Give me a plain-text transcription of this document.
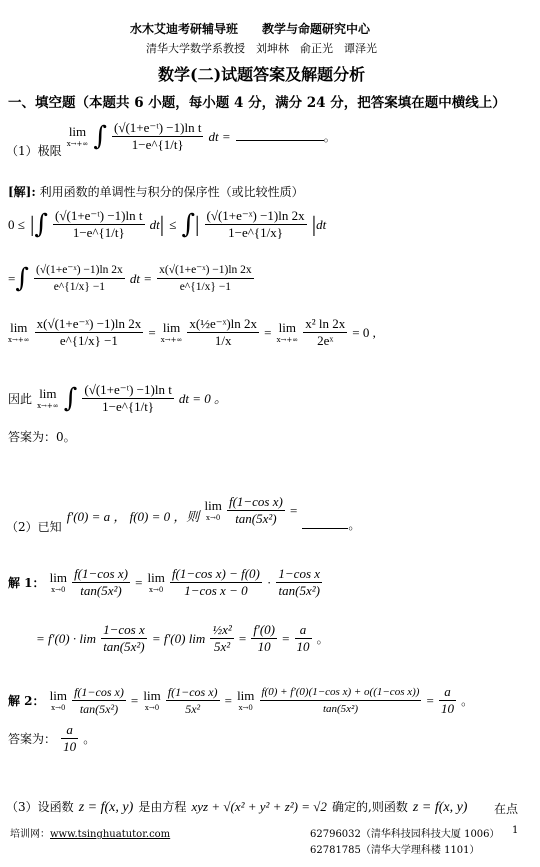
水木艾迪考研辅导班　　教学与命题研究中心
清华大学数学系教授　刘坤林　俞正光　谭泽光
数学(二)试题答案及解题分析
一、填空题（本题共 6 小题，每小题 4 分，满分 24 分，把答案填在题中横线上）
$_{(1)极限}$
lim
x→+∞ ∫ $\frac{\text{(√(1+e⁻ᵗ) −1)ln t}}{1-e\^{}\{1/t\}}$ dt =	。
[解]: 利用函数的单调性与积分的保序性（或比较性质）
0 ≤ |∫ $\frac{\text{(√(1+e⁻ᵗ) −1)ln t}}{1-e\^{}\{1/t\}} dt|$ ≤ ∫| $\frac{\text{(√(1+e⁻ˣ) −1)ln 2x}}{1-e\^{}\{1/x\}} |dt$
=∫ $\frac{\text{(√(1+e⁻ˣ) −1)ln 2x}}{e\^{}\{1/x\} -1}$ dt = $\frac{\text{x(√(1+e⁻ˣ) −1)ln 2x}}{e\^{}\{1/x\} -1}$
lim
x→+∞
$\frac{\text{x(√(1+e⁻ˣ) −1)ln 2x}}{e\^{}\{1/x\} -1} = \lim$
x→+∞
$\frac{\text{x(½e⁻ˣ)ln 2x}}{1/x} = \lim$
x→+∞
$\frac{\text{x² ln 2x}}{\text{2eˣ}} = 0$ ,
因此 lim
x→+∞ ∫ $\frac{\text{(√(1+e⁻ᵗ) −1)ln t}}{1-e\^{}\{1/t\}}$ dt = 0 。
答案为：0。
$_{(2)已知}$ f′(0) = a ， f(0) = 0 ，则
lim
x→0
$\frac{\text{f(1−cos x)}}{\text{tan(5x²)}} ^=$ $_。$
解 1： lim
x→0
$\frac{\text{f(1−cos x)}}{\text{tan(5x²)}} = \lim$
x→0
$\frac{\text{f(1−cos x) − f(0)}}{\text{1−cos x − 0}} \cdot \frac{\text{1−cos x}}{\text{tan(5x²)}}$
= $f'(0) \cdot \lim \frac{\text{1−cos x}}{\text{tan(5x²)}} = f'(0)$ $\lim \frac{\text{½x²}}{\text{5x²}} = \frac{f'(0)}{10} = \frac{a}{10}$ 。
解 2： lim
x→0
$\frac{\text{f(1−cos x)}}{\text{tan(5x²)}} = \lim$
x→0
$\frac{\text{f(1−cos x)}}{\text{5x²}} = \lim$
x→0
$\frac{\text{f(0) + f′(0)(1−cos x) + o((1−cos x))}}{\text{tan(5x²)}} = \frac{a}{10}$ 。
答案为： $\frac{a}{10}$ 。
（3）设函数 z = f(x, y) 是由方程 xyz + √(x² + y² + z²) = √2 确定的,则函数 z = f(x, y) 在点
培训网：www.tsinghuatutor.com	62796032（清华科技园科技大厦 1006）
62781785（清华大学理科楼 1101）
1
